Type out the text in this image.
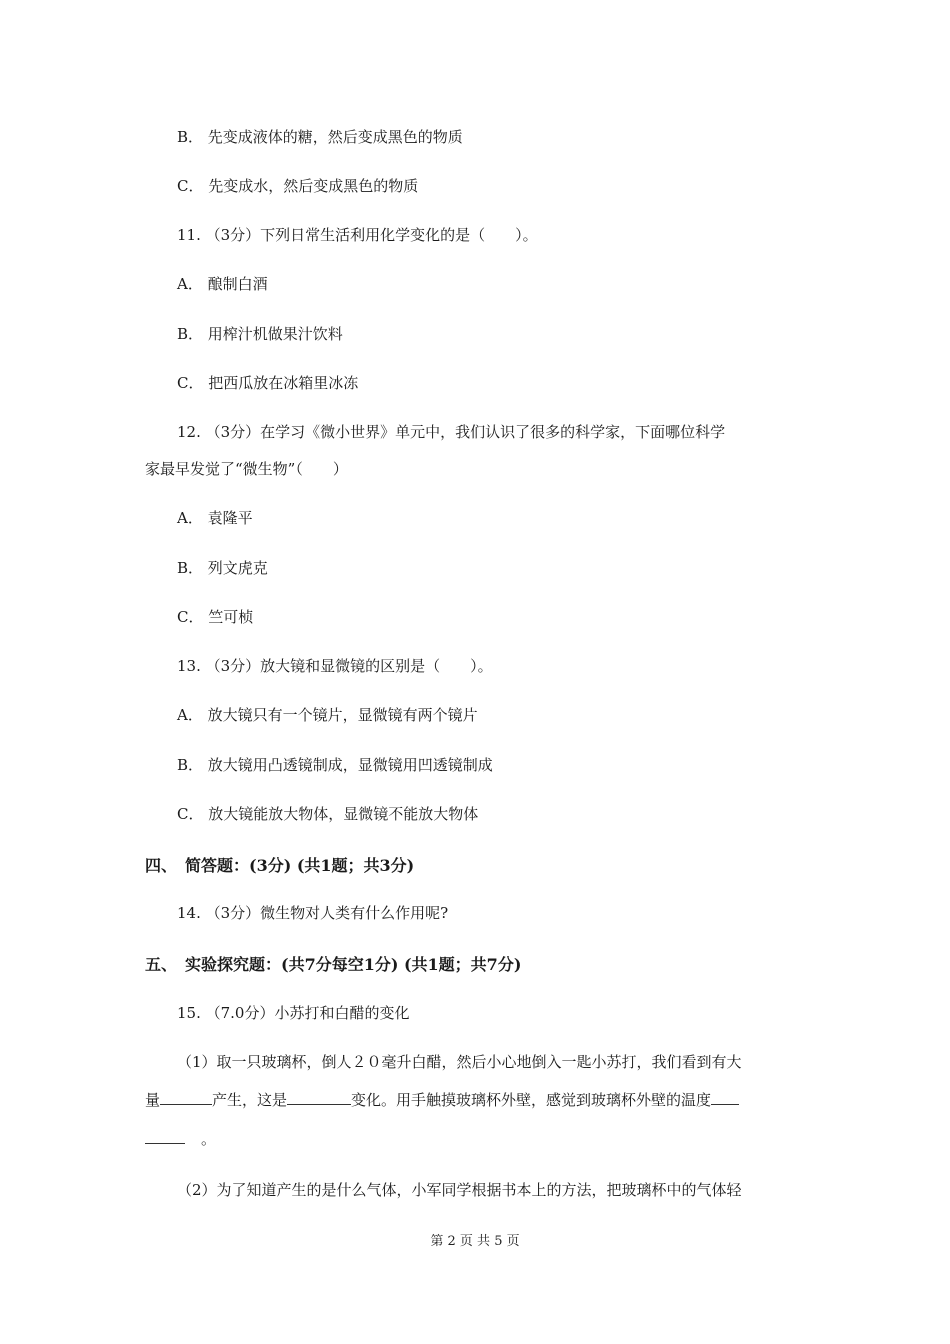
B． 先变成液体的糖，然后变成黑色的物质
C． 先变成水，然后变成黑色的物质
11. （3分）下列日常生活利用化学变化的是（　　）。
A． 酿制白酒
B． 用榨汁机做果汁饮料
C． 把西瓜放在冰箱里冰冻
12. （3分）在学习《微小世界》单元中，我们认识了很多的科学家，下面哪位科学
家最早发觉了“微生物”（　　）
A． 袁隆平
B． 列文虎克
C． 竺可桢
13. （3分）放大镜和显微镜的区别是（　　）。
A． 放大镜只有一个镜片，显微镜有两个镜片
B． 放大镜用凸透镜制成，显微镜用凹透镜制成
C． 放大镜能放大物体，显微镜不能放大物体
四、　简答题：(3分) (共1题；共3分)
14. （3分）微生物对人类有什么作用呢?
五、　实验探究题：(共7分每空1分) (共1题；共7分)
15. （7.0分）小苏打和白醋的变化
（1）取一只玻璃杯，倒人２０毫升白醋，然后小心地倒入一匙小苏打，我们看到有大
量	产生，这是	变化。用手触摸玻璃杯外壁，感觉到玻璃杯外壁的温度
。
（2）为了知道产生的是什么气体，小军同学根据书本上的方法，把玻璃杯中的气体轻
第 2 页 共 5 页
